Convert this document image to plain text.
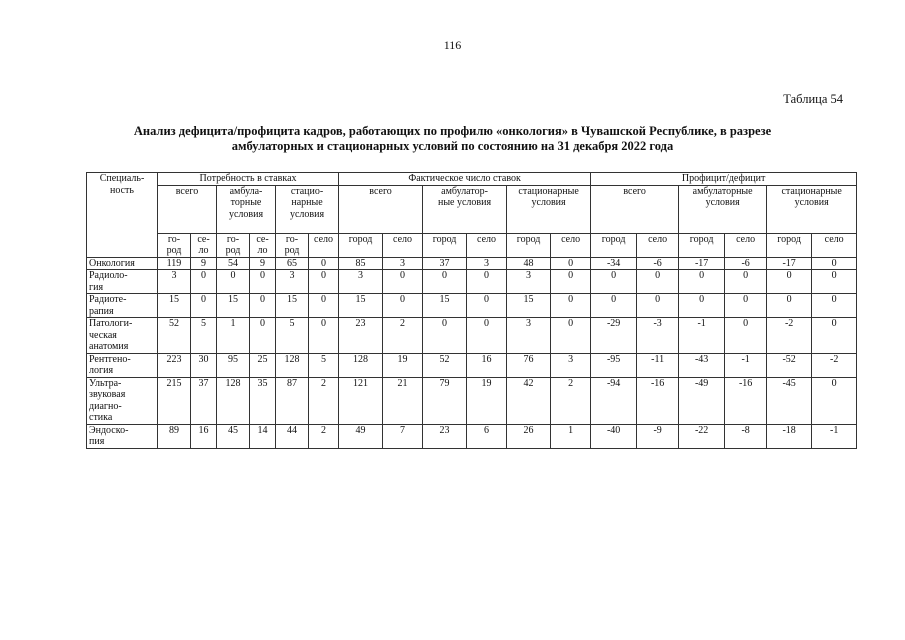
116
Таблица 54
Анализ дефицита/профицита кадров, работающих по профилю «онкология» в Чувашской Республике, в разрезе
амбулаторных и стационарных условий по состоянию на 31 декабря 2022 года
Специаль-
ность	Потребность в ставках						Фактическое число ставок						Профицит/дефицит					
	всего		амбула-
торные
условия		стацио-
нарные
условия		всего		амбулатор-
ные условия		стационарные
условия		всего		амбулаторные
условия		стационарные
условия	
	го-
род	се-
ло	го-
род	се-
ло	го-
род	село	город	село	город	село	город	село	город	село	город	село	город	село
Онкология	119	9	54	9	65	0	85	3	37	3	48	0	-34	-6	-17	-6	-17	0
Радиоло-
гия	3	0	0	0	3	0	3	0	0	0	3	0	0	0	0	0	0	0
Радиоте-
рапия	15	0	15	0	15	0	15	0	15	0	15	0	0	0	0	0	0	0
Патологи-
ческая
анатомия	52	5	1	0	5	0	23	2	0	0	3	0	-29	-3	-1	0	-2	0
Рентгено-
логия	223	30	95	25	128	5	128	19	52	16	76	3	-95	-11	-43	-1	-52	-2
Ультра-
звуковая
диагно-
стика	215	37	128	35	87	2	121	21	79	19	42	2	-94	-16	-49	-16	-45	0
Эндоско-
пия	89	16	45	14	44	2	49	7	23	6	26	1	-40	-9	-22	-8	-18	-1
